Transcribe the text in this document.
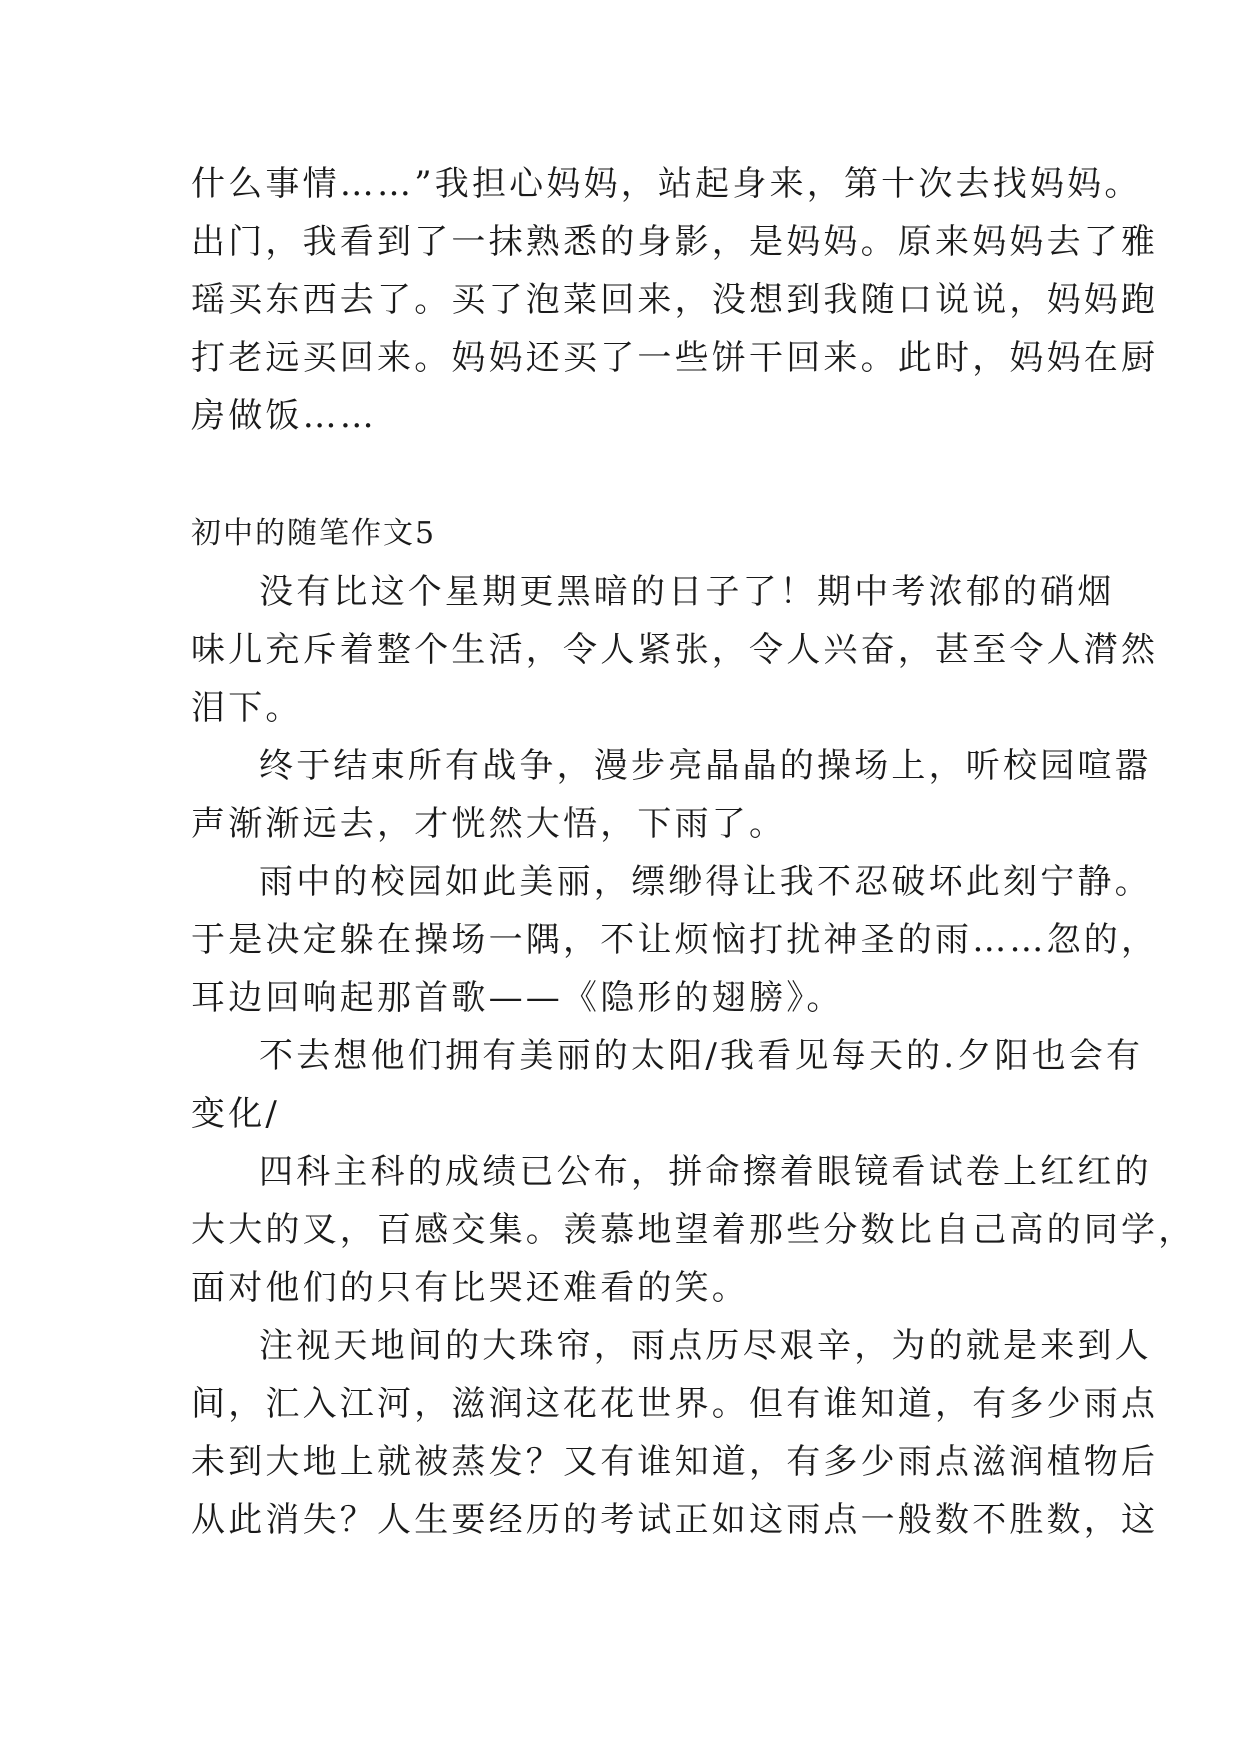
什么事情……”我担心妈妈，站起身来，第十次去找妈妈。
出门，我看到了一抹熟悉的身影，是妈妈。原来妈妈去了雅
瑶买东西去了。买了泡菜回来，没想到我随口说说，妈妈跑
打老远买回来。妈妈还买了一些饼干回来。此时，妈妈在厨
房做饭……
初中的随笔作文5
没有比这个星期更黑暗的日子了！期中考浓郁的硝烟
味儿充斥着整个生活，令人紧张，令人兴奋，甚至令人潸然
泪下。
终于结束所有战争，漫步亮晶晶的操场上，听校园喧嚣
声渐渐远去，才恍然大悟，下雨了。
雨中的校园如此美丽，缥缈得让我不忍破坏此刻宁静。
于是决定躲在操场一隅，不让烦恼打扰神圣的雨……忽的，
耳边回响起那首歌——《隐形的翅膀》。
不去想他们拥有美丽的太阳/我看见每天的.夕阳也会有
变化/
四科主科的成绩已公布，拼命擦着眼镜看试卷上红红的
大大的叉，百感交集。羡慕地望着那些分数比自己高的同学，
面对他们的只有比哭还难看的笑。
注视天地间的大珠帘，雨点历尽艰辛，为的就是来到人
间，汇入江河，滋润这花花世界。但有谁知道，有多少雨点
未到大地上就被蒸发？又有谁知道，有多少雨点滋润植物后
从此消失？人生要经历的考试正如这雨点一般数不胜数，这
